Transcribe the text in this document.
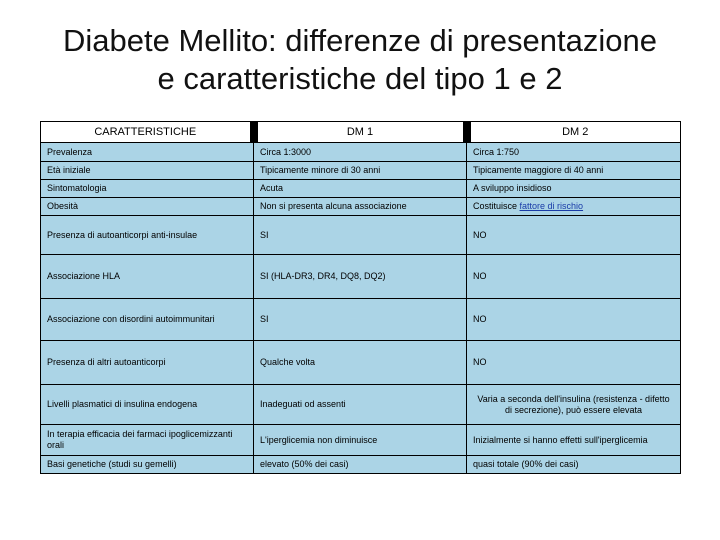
Diabete Mellito: differenze di presentazione
e caratteristiche del tipo 1 e 2
CARATTERISTICHE	DM 1	DM 2
Prevalenza	Circa 1:3000	Circa 1:750
Età iniziale	Tipicamente minore di 30 anni	Tipicamente maggiore di 40 anni
Sintomatologia	Acuta	A sviluppo insidioso
Obesità	Non si presenta alcuna associazione	Costituisce fattore di rischio
Presenza di autoanticorpi anti-insulae	SI	NO
Associazione HLA	SI (HLA-DR3, DR4, DQ8, DQ2)	NO
Associazione con disordini autoimmunitari	SI	NO
Presenza di altri autoanticorpi	Qualche volta	NO
Livelli plasmatici di insulina endogena	Inadeguati od assenti	Varia a seconda dell'insulina (resistenza - difetto di secrezione), può essere elevata
In terapia efficacia dei farmaci ipoglicemizzanti orali	L'iperglicemia non diminuisce	Inizialmente si hanno effetti sull'iperglicemia
Basi genetiche (studi su gemelli)	elevato (50% dei casi)	quasi totale (90% dei casi)
